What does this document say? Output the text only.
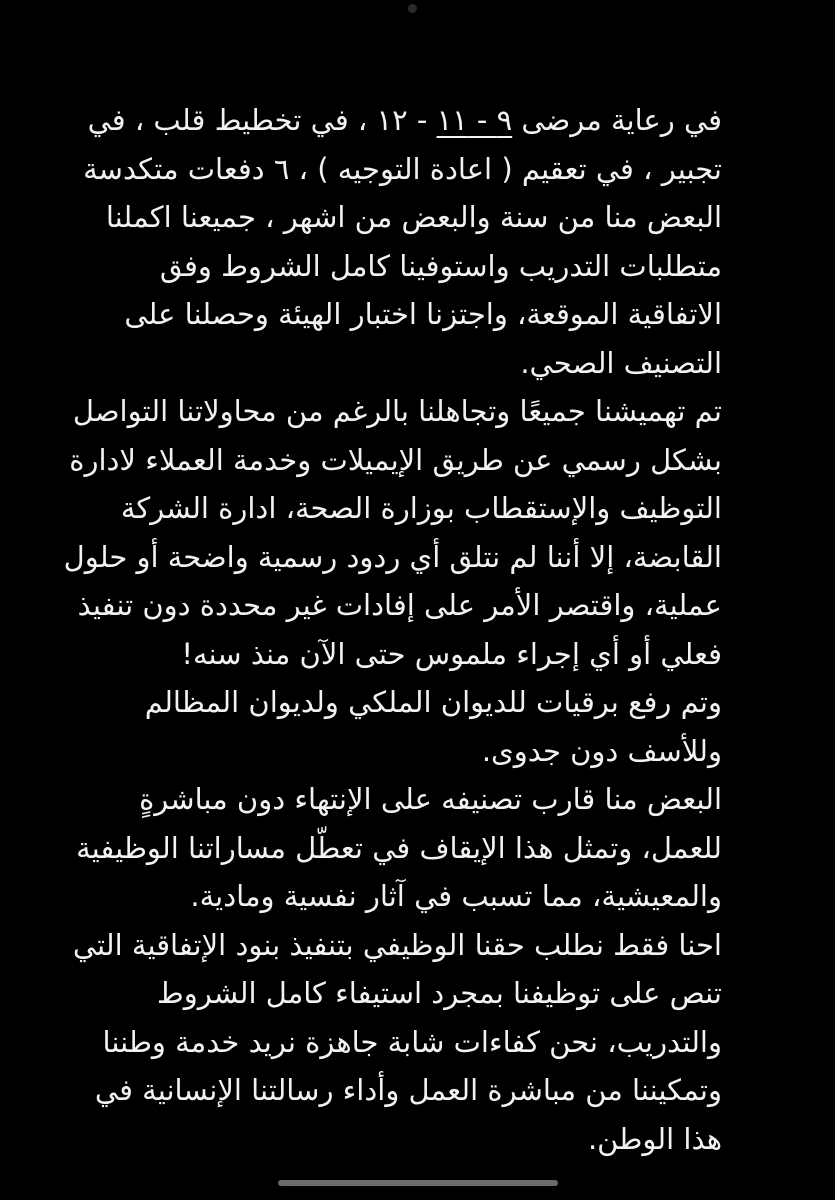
في رعاية مرضى ٩ - ١١ - ١٢ ، في تخطيط قلب ، في تجبير ، في تعقيم ( اعادة التوجيه ) ، ٦ دفعات متكدسة البعض منا من سنة والبعض من اشهر ، جميعنا اكملنا متطلبات التدريب واستوفينا كامل الشروط وفق الاتفاقية الموقعة، واجتزنا اختبار الهيئة وحصلنا على التصنيف الصحي.

تم تهميشنا جميعًا وتجاهلنا بالرغم من محاولاتنا التواصل بشكل رسمي عن طريق الإيميلات وخدمة العملاء لادارة التوظيف والإستقطاب بوزارة الصحة، ادارة الشركة القابضة، إلا أننا لم نتلق أي ردود رسمية واضحة أو حلول عملية، واقتصر الأمر على إفادات غير محددة دون تنفيذ فعلي أو أي إجراء ملموس حتى الآن منذ سنه!

وتم رفع برقيات للديوان الملكي ولديوان المظالم وللأسف دون جدوى.

البعض منا قارب تصنيفه على الإنتهاء دون مباشرةٍ للعمل، وتمثل هذا الإيقاف في تعطّل مساراتنا الوظيفية والمعيشية، مما تسبب في آثار نفسية ومادية.

احنا فقط نطلب حقنا الوظيفي بتنفيذ بنود الإتفاقية التي تنص على توظيفنا بمجرد استيفاء كامل الشروط والتدريب، نحن كفاءات شابة جاهزة نريد خدمة وطننا وتمكيننا من مباشرة العمل وأداء رسالتنا الإنسانية في هذا الوطن.
